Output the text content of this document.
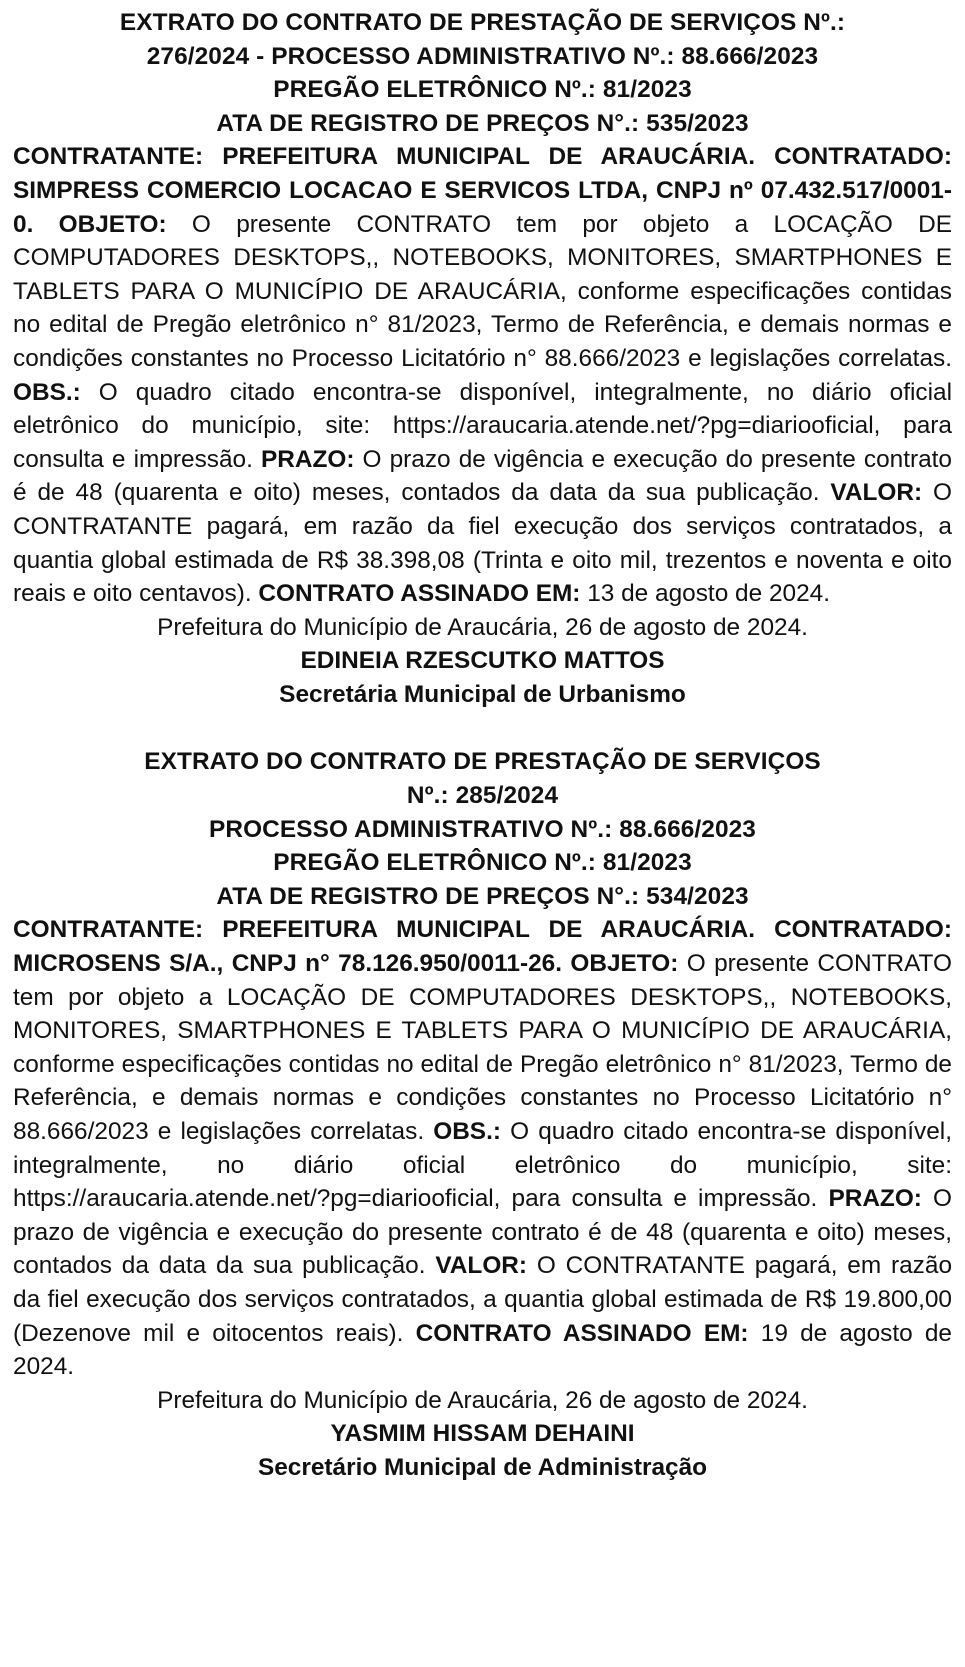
EXTRATO DO CONTRATO DE PRESTAÇÃO DE SERVIÇOS Nº.:
276/2024 - PROCESSO ADMINISTRATIVO Nº.: 88.666/2023
PREGÃO ELETRÔNICO Nº.: 81/2023
ATA DE REGISTRO DE PREÇOS N°.: 535/2023
CONTRATANTE: PREFEITURA MUNICIPAL DE ARAUCÁRIA. CONTRATADO: SIMPRESS COMERCIO LOCACAO E SERVICOS LTDA, CNPJ nº 07.432.517/0001-0. OBJETO: O presente CONTRATO tem por objeto a LOCAÇÃO DE COMPUTADORES DESKTOPS,, NOTEBOOKS, MONITORES, SMARTPHONES E TABLETS PARA O MUNICÍPIO DE ARAUCÁRIA, conforme especificações contidas no edital de Pregão eletrônico n° 81/2023, Termo de Referência, e demais normas e condições constantes no Processo Licitatório n° 88.666/2023 e legislações correlatas. OBS.: O quadro citado encontra-se disponível, integralmente, no diário oficial eletrônico do município, site: https://araucaria.atende.net/?pg=diariooficial, para consulta e impressão. PRAZO: O prazo de vigência e execução do presente contrato é de 48 (quarenta e oito) meses, contados da data da sua publicação. VALOR: O CONTRATANTE pagará, em razão da fiel execução dos serviços contratados, a quantia global estimada de R$ 38.398,08 (Trinta e oito mil, trezentos e noventa e oito reais e oito centavos). CONTRATO ASSINADO EM: 13 de agosto de 2024.
Prefeitura do Município de Araucária, 26 de agosto de 2024.
EDINEIA RZESCUTKO MATTOS
Secretária Municipal de Urbanismo
EXTRATO DO CONTRATO DE PRESTAÇÃO DE SERVIÇOS
Nº.: 285/2024
PROCESSO ADMINISTRATIVO Nº.: 88.666/2023
PREGÃO ELETRÔNICO Nº.: 81/2023
ATA DE REGISTRO DE PREÇOS N°.: 534/2023
CONTRATANTE: PREFEITURA MUNICIPAL DE ARAUCÁRIA. CONTRATADO: MICROSENS S/A., CNPJ n° 78.126.950/0011-26. OBJETO: O presente CONTRATO tem por objeto a LOCAÇÃO DE COMPUTADORES DESKTOPS,, NOTEBOOKS, MONITORES, SMARTPHONES E TABLETS PARA O MUNICÍPIO DE ARAUCÁRIA, conforme especificações contidas no edital de Pregão eletrônico n° 81/2023, Termo de Referência, e demais normas e condições constantes no Processo Licitatório n° 88.666/2023 e legislações correlatas. OBS.: O quadro citado encontra-se disponível, integralmente, no diário oficial eletrônico do município, site: https://araucaria.atende.net/?pg=diariooficial, para consulta e impressão. PRAZO: O prazo de vigência e execução do presente contrato é de 48 (quarenta e oito) meses, contados da data da sua publicação. VALOR: O CONTRATANTE pagará, em razão da fiel execução dos serviços contratados, a quantia global estimada de R$ 19.800,00 (Dezenove mil e oitocentos reais). CONTRATO ASSINADO EM: 19 de agosto de 2024.
Prefeitura do Município de Araucária, 26 de agosto de 2024.
YASMIM HISSAM DEHAINI
Secretário Municipal de Administração
